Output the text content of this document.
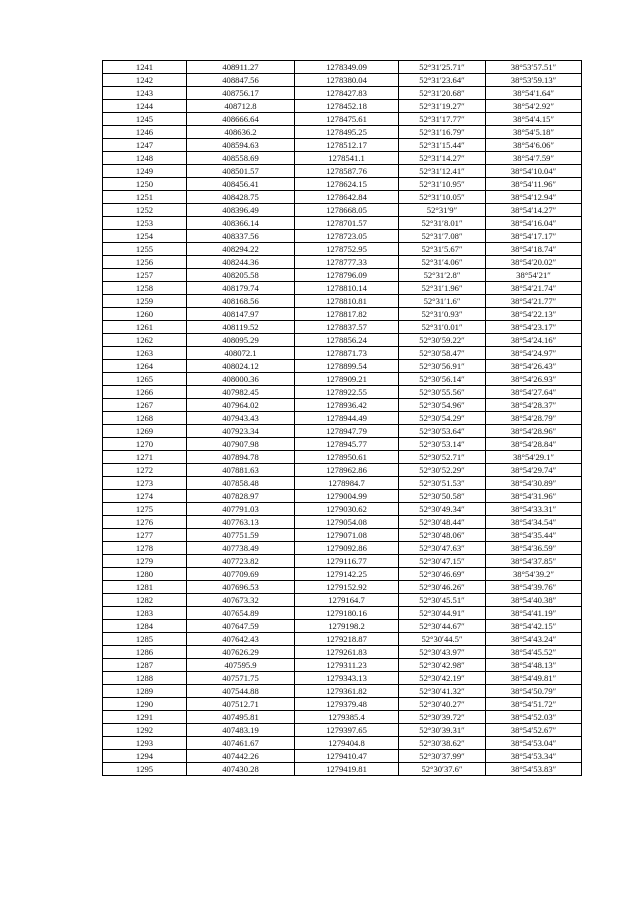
1241	408911.27	1278349.09	52°31′25.71″	38°53′57.51″
1242	408847.56	1278380.04	52°31′23.64″	38°53′59.13″
1243	408756.17	1278427.83	52°31′20.68″	38°54′1.64″
1244	408712.8	1278452.18	52°31′19.27″	38°54′2.92″
1245	408666.64	1278475.61	52°31′17.77″	38°54′4.15″
1246	408636.2	1278495.25	52°31′16.79″	38°54′5.18″
1247	408594.63	1278512.17	52°31′15.44″	38°54′6.06″
1248	408558.69	1278541.1	52°31′14.27″	38°54′7.59″
1249	408501.57	1278587.76	52°31′12.41″	38°54′10.04″
1250	408456.41	1278624.15	52°31′10.95″	38°54′11.96″
1251	408428.75	1278642.84	52°31′10.05″	38°54′12.94″
1252	408396.49	1278668.05	52°31′9″	38°54′14.27″
1253	408366.14	1278701.57	52°31′8.01″	38°54′16.04″
1254	408337.56	1278723.05	52°31′7.08″	38°54′17.17″
1255	408294.22	1278752.95	52°31′5.67″	38°54′18.74″
1256	408244.36	1278777.33	52°31′4.06″	38°54′20.02″
1257	408205.58	1278796.09	52°31′2.8″	38°54′21″
1258	408179.74	1278810.14	52°31′1.96″	38°54′21.74″
1259	408168.56	1278810.81	52°31′1.6″	38°54′21.77″
1260	408147.97	1278817.82	52°31′0.93″	38°54′22.13″
1261	408119.52	1278837.57	52°31′0.01″	38°54′23.17″
1262	408095.29	1278856.24	52°30′59.22″	38°54′24.16″
1263	408072.1	1278871.73	52°30′58.47″	38°54′24.97″
1264	408024.12	1278899.54	52°30′56.91″	38°54′26.43″
1265	408000.36	1278909.21	52°30′56.14″	38°54′26.93″
1266	407982.45	1278922.55	52°30′55.56″	38°54′27.64″
1267	407964.02	1278936.42	52°30′54.96″	38°54′28.37″
1268	407943.43	1278944.49	52°30′54.29″	38°54′28.79″
1269	407923.34	1278947.79	52°30′53.64″	38°54′28.96″
1270	407907.98	1278945.77	52°30′53.14″	38°54′28.84″
1271	407894.78	1278950.61	52°30′52.71″	38°54′29.1″
1272	407881.63	1278962.86	52°30′52.29″	38°54′29.74″
1273	407858.48	1278984.7	52°30′51.53″	38°54′30.89″
1274	407828.97	1279004.99	52°30′50.58″	38°54′31.96″
1275	407791.03	1279030.62	52°30′49.34″	38°54′33.31″
1276	407763.13	1279054.08	52°30′48.44″	38°54′34.54″
1277	407751.59	1279071.08	52°30′48.06″	38°54′35.44″
1278	407738.49	1279092.86	52°30′47.63″	38°54′36.59″
1279	407723.82	1279116.77	52°30′47.15″	38°54′37.85″
1280	407709.69	1279142.25	52°30′46.69″	38°54′39.2″
1281	407696.53	1279152.92	52°30′46.26″	38°54′39.76″
1282	407673.32	1279164.7	52°30′45.51″	38°54′40.38″
1283	407654.89	1279180.16	52°30′44.91″	38°54′41.19″
1284	407647.59	1279198.2	52°30′44.67″	38°54′42.15″
1285	407642.43	1279218.87	52°30′44.5″	38°54′43.24″
1286	407626.29	1279261.83	52°30′43.97″	38°54′45.52″
1287	407595.9	1279311.23	52°30′42.98″	38°54′48.13″
1288	407571.75	1279343.13	52°30′42.19″	38°54′49.81″
1289	407544.88	1279361.82	52°30′41.32″	38°54′50.79″
1290	407512.71	1279379.48	52°30′40.27″	38°54′51.72″
1291	407495.81	1279385.4	52°30′39.72″	38°54′52.03″
1292	407483.19	1279397.65	52°30′39.31″	38°54′52.67″
1293	407461.67	1279404.8	52°30′38.62″	38°54′53.04″
1294	407442.26	1279410.47	52°30′37.99″	38°54′53.34″
1295	407430.28	1279419.81	52°30′37.6″	38°54′53.83″
